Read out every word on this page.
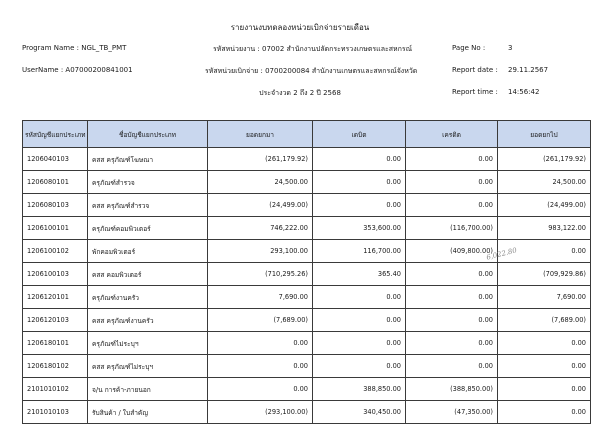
รายงานงบทดลองหน่วยเบิกจ่ายรายเดือน
Program Name : NGL_TB_PMT
UserName : A07000200841001
รหัสหน่วยงาน : 07002 สำนักงานปลัดกระทรวงเกษตรและสหกรณ์
รหัสหน่วยเบิกจ่าย : 0700200084 สำนักงานเกษตรและสหกรณ์จังหวัด
ประจำงวด 2 ถึง 2 ปี 2568
Page No :	3
Report date : 29.11.2567
Report time : 14:56:42
รหัสบัญชีแยกประเภท	ชื่อบัญชีแยกประเภท	ยอดยกมา	เดบิต	เครดิต	ยอดยกไป
1206040103	คสส ครุภัณฑ์โฆษณา	(261,179.92)	0.00	0.00	(261,179.92)
1206080101	ครุภัณฑ์สำรวจ	24,500.00	0.00	0.00	24,500.00
1206080103	คสส ครุภัณฑ์สำรวจ	(24,499.00)	0.00	0.00	(24,499.00)
1206100101	ครุภัณฑ์คอมพิวเตอร์	746,222.00	353,600.00	(116,700.00)	983,122.00
1206100102	พักคอมพิวเตอร์	293,100.00	116,700.00	(409,800.00)	0.00
1206100103	คสส คอมพิวเตอร์	(710,295.26)	365.40	0.00	(709,929.86)
1206120101	ครุภัณฑ์งานครัว	7,690.00	0.00	0.00	7,690.00
1206120103	คสส ครุภัณฑ์งานครัว	(7,689.00)	0.00	0.00	(7,689.00)
1206180101	ครุภัณฑ์ไม่ระบุฯ	0.00	0.00	0.00	0.00
1206180102	คสส ครุภัณฑ์ไม่ระบุฯ	0.00	0.00	0.00	0.00
2101010102	จ/น การค้า-ภายนอก	0.00	388,850.00	(388,850.00)	0.00
2101010103	รับสินค้า / ใบสำคัญ	(293,100.00)	340,450.00	(47,350.00)	0.00
6,022.80
